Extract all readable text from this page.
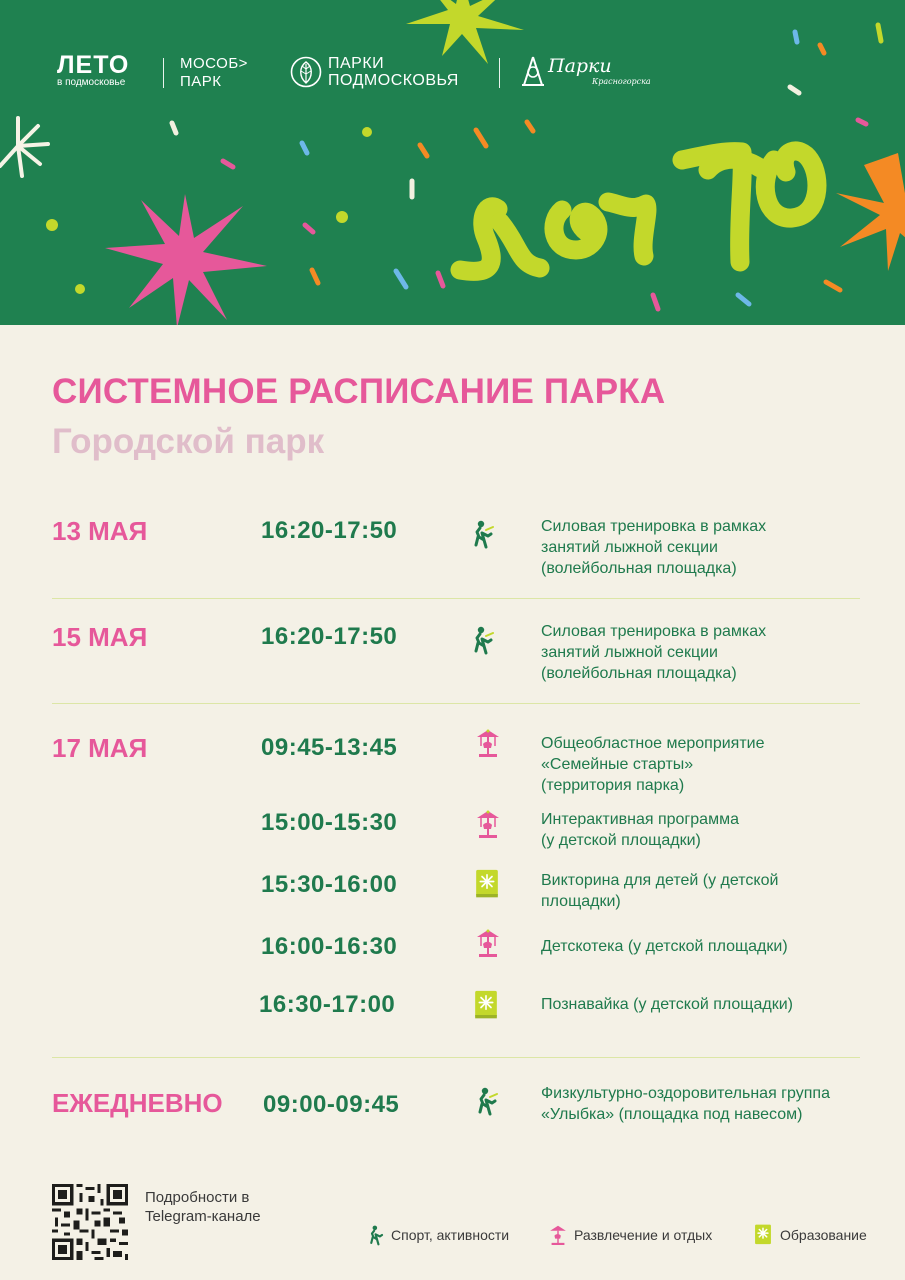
ЛЕТО
в подмосковье
МОСОБ>
ПАРК
ПАРКИ
ПОДМОСКОВЬЯ
Парки
Красногорска
СИСТЕМНОЕ РАСПИСАНИЕ ПАРКА
Городской парк
13 МАЯ	16:20-17:50	Силовая тренировка в рамках
занятий лыжной секции
(волейбольная площадка)
15 МАЯ	16:20-17:50	Силовая тренировка в рамках
занятий лыжной секции
(волейбольная площадка)
17 МАЯ	09:45-13:45	Общеобластное мероприятие
«Семейные старты»
(территория парка)
15:00-15:30	Интерактивная программа
(у детской площадки)
15:30-16:00	Викторина для детей (у детской
площадки)
16:00-16:30	Детскотека (у детской площадки)
16:30-17:00	Познавайка (у детской площадки)
ЕЖЕДНЕВНО 09:00-09:45	Физкультурно-оздоровительная группа
«Улыбка» (площадка под навесом)
Подробности в
Telegram-канале
Спорт, активности	Развлечение и отдых	Образование
